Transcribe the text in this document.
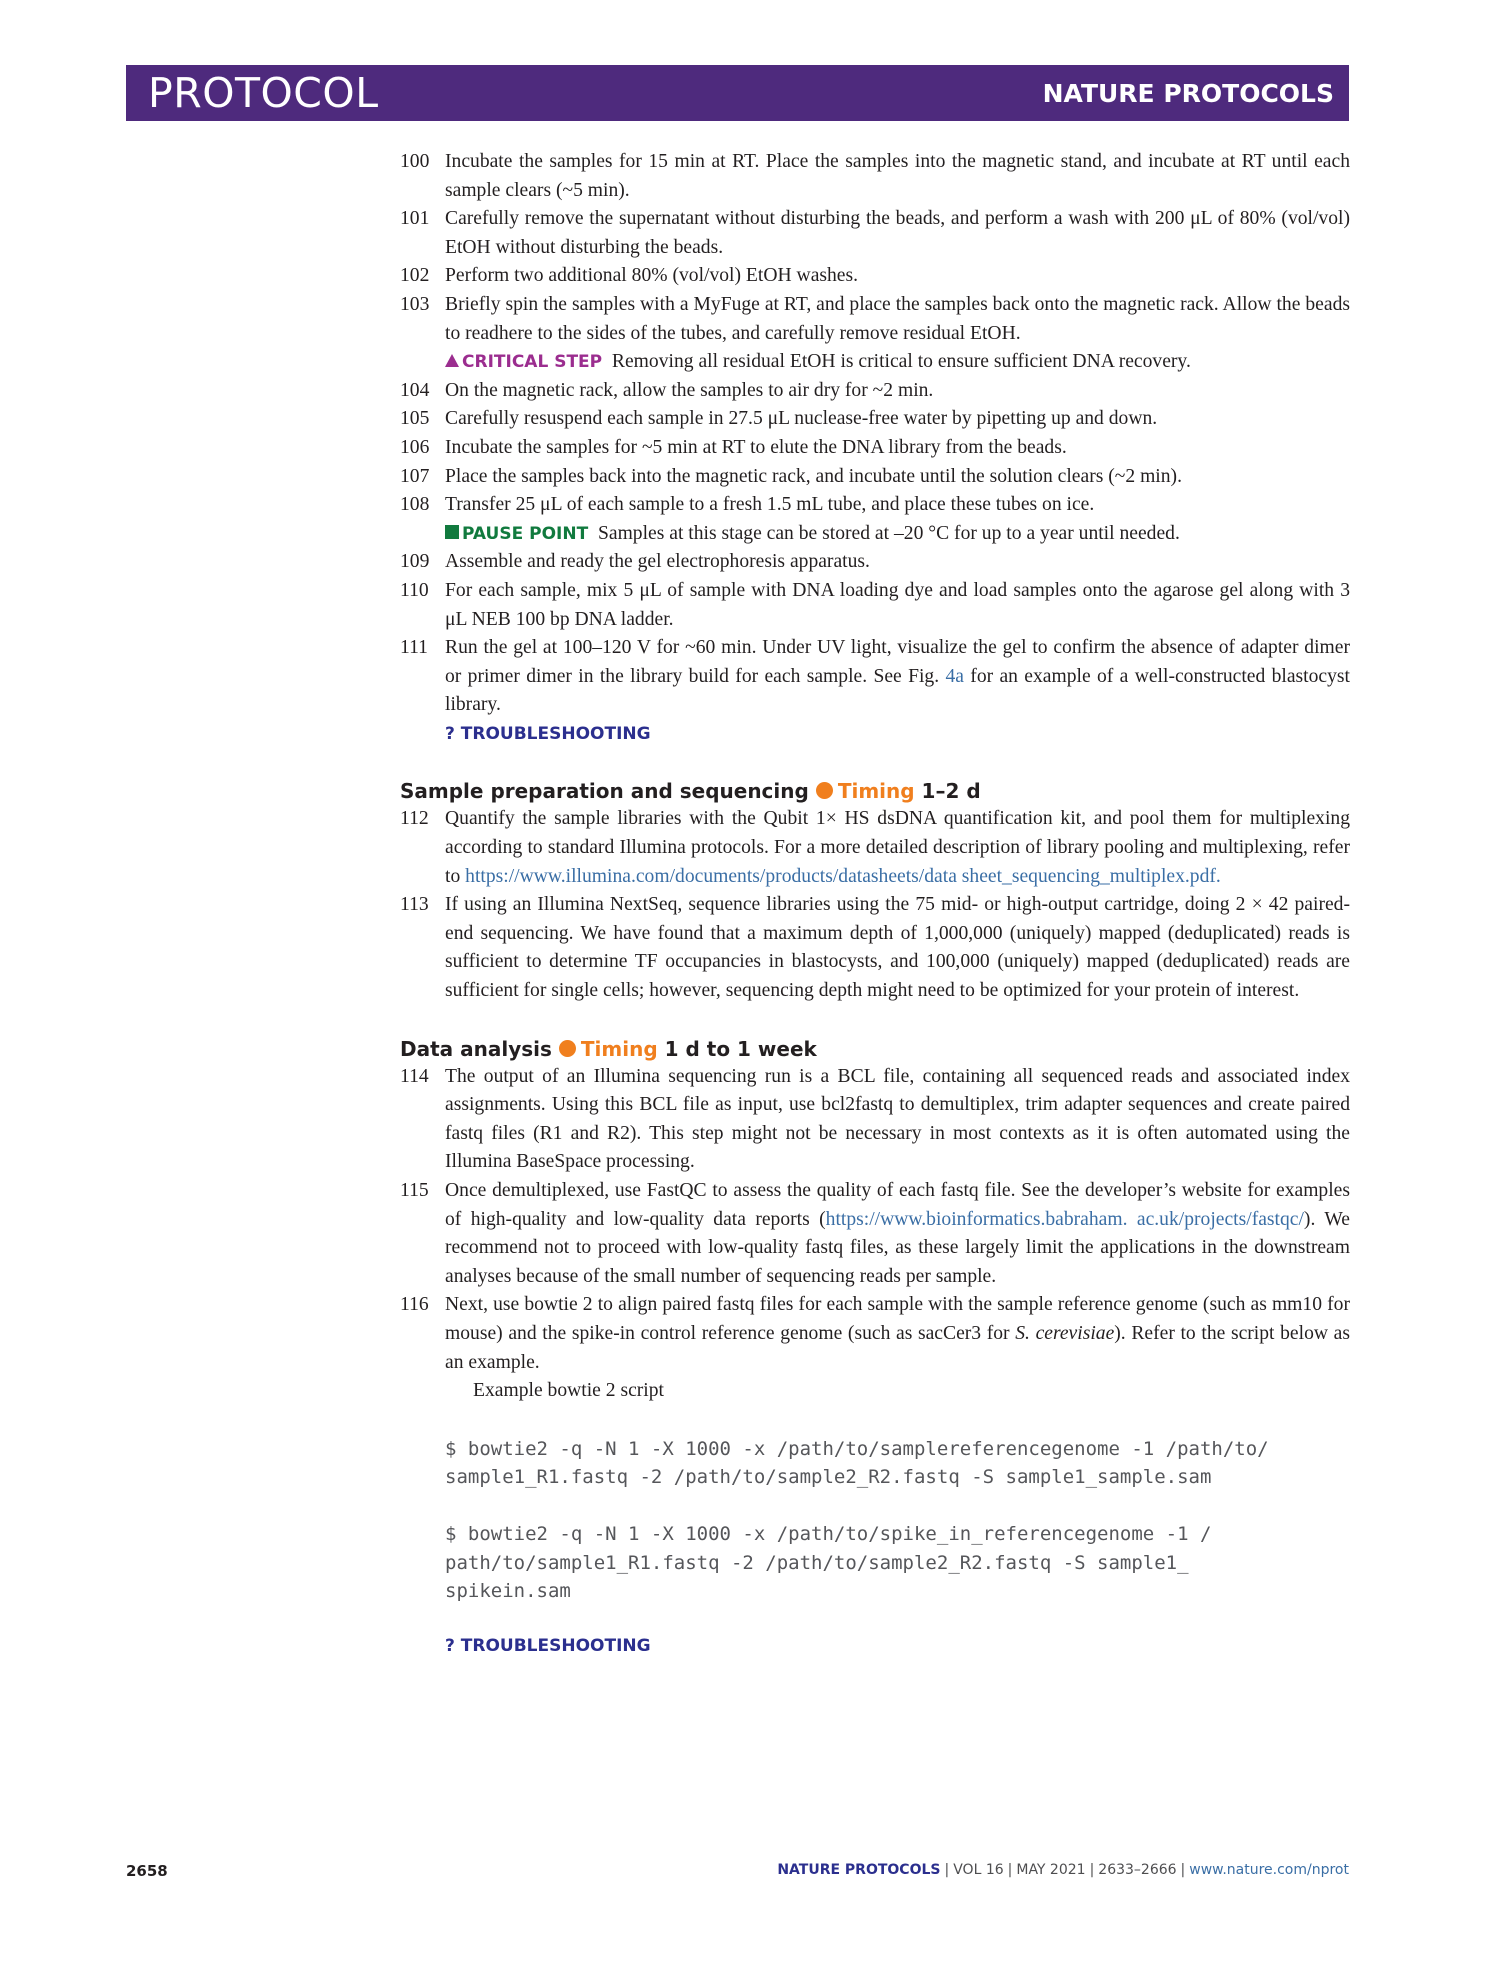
PROTOCOL	NATURE PROTOCOLS
100 Incubate the samples for 15 min at RT. Place the samples into the magnetic stand, and incubate at RT until each sample clears (~5 min).
101 Carefully remove the supernatant without disturbing the beads, and perform a wash with 200 μL of 80% (vol/vol) EtOH without disturbing the beads.
102 Perform two additional 80% (vol/vol) EtOH washes.
103 Briefly spin the samples with a MyFuge at RT, and place the samples back onto the magnetic rack. Allow the beads to readhere to the sides of the tubes, and carefully remove residual EtOH.
CRITICAL STEP Removing all residual EtOH is critical to ensure sufficient DNA recovery.
104 On the magnetic rack, allow the samples to air dry for ~2 min.
105 Carefully resuspend each sample in 27.5 μL nuclease-free water by pipetting up and down.
106 Incubate the samples for ~5 min at RT to elute the DNA library from the beads.
107 Place the samples back into the magnetic rack, and incubate until the solution clears (~2 min).
108 Transfer 25 μL of each sample to a fresh 1.5 mL tube, and place these tubes on ice.
PAUSE POINT Samples at this stage can be stored at –20 °C for up to a year until needed.
109 Assemble and ready the gel electrophoresis apparatus.
110 For each sample, mix 5 μL of sample with DNA loading dye and load samples onto the agarose gel along with 3 μL NEB 100 bp DNA ladder.
111 Run the gel at 100–120 V for ~60 min. Under UV light, visualize the gel to confirm the absence of adapter dimer or primer dimer in the library build for each sample. See Fig. 4a for an example of a well-constructed blastocyst library.
? TROUBLESHOOTING
Sample preparation and sequencing Timing 1–2 d
112 Quantify the sample libraries with the Qubit 1× HS dsDNA quantification kit, and pool them for multiplexing according to standard Illumina protocols. For a more detailed description of library pooling and multiplexing, refer to https://www.illumina.com/documents/products/datasheets/data sheet_sequencing_multiplex.pdf.
113 If using an Illumina NextSeq, sequence libraries using the 75 mid- or high-output cartridge, doing 2 × 42 paired-end sequencing. We have found that a maximum depth of 1,000,000 (uniquely) mapped (deduplicated) reads is sufficient to determine TF occupancies in blastocysts, and 100,000 (uniquely) mapped (deduplicated) reads are sufficient for single cells; however, sequencing depth might need to be optimized for your protein of interest.
Data analysis Timing 1 d to 1 week
114 The output of an Illumina sequencing run is a BCL file, containing all sequenced reads and associated index assignments. Using this BCL file as input, use bcl2fastq to demultiplex, trim adapter sequences and create paired fastq files (R1 and R2). This step might not be necessary in most contexts as it is often automated using the Illumina BaseSpace processing.
115 Once demultiplexed, use FastQC to assess the quality of each fastq file. See the developer’s website for examples of high-quality and low-quality data reports (https://www.bioinformatics.babraham. ac.uk/projects/fastqc/). We recommend not to proceed with low-quality fastq files, as these largely limit the applications in the downstream analyses because of the small number of sequencing reads per sample.
116 Next, use bowtie 2 to align paired fastq files for each sample with the sample reference genome (such as mm10 for mouse) and the spike-in control reference genome (such as sacCer3 for S. cerevisiae). Refer to the script below as an example.
Example bowtie 2 script
$ bowtie2 -q -N 1 -X 1000 -x /path/to/samplereferencegenome -1 /path/to/
sample1_R1.fastq -2 /path/to/sample2_R2.fastq -S sample1_sample.sam
$ bowtie2 -q -N 1 -X 1000 -x /path/to/spike_in_referencegenome -1 /
path/to/sample1_R1.fastq -2 /path/to/sample2_R2.fastq -S sample1_
spikein.sam
? TROUBLESHOOTING
2658	NATURE PROTOCOLS | VOL 16 | MAY 2021 | 2633–2666 | www.nature.com/nprot
